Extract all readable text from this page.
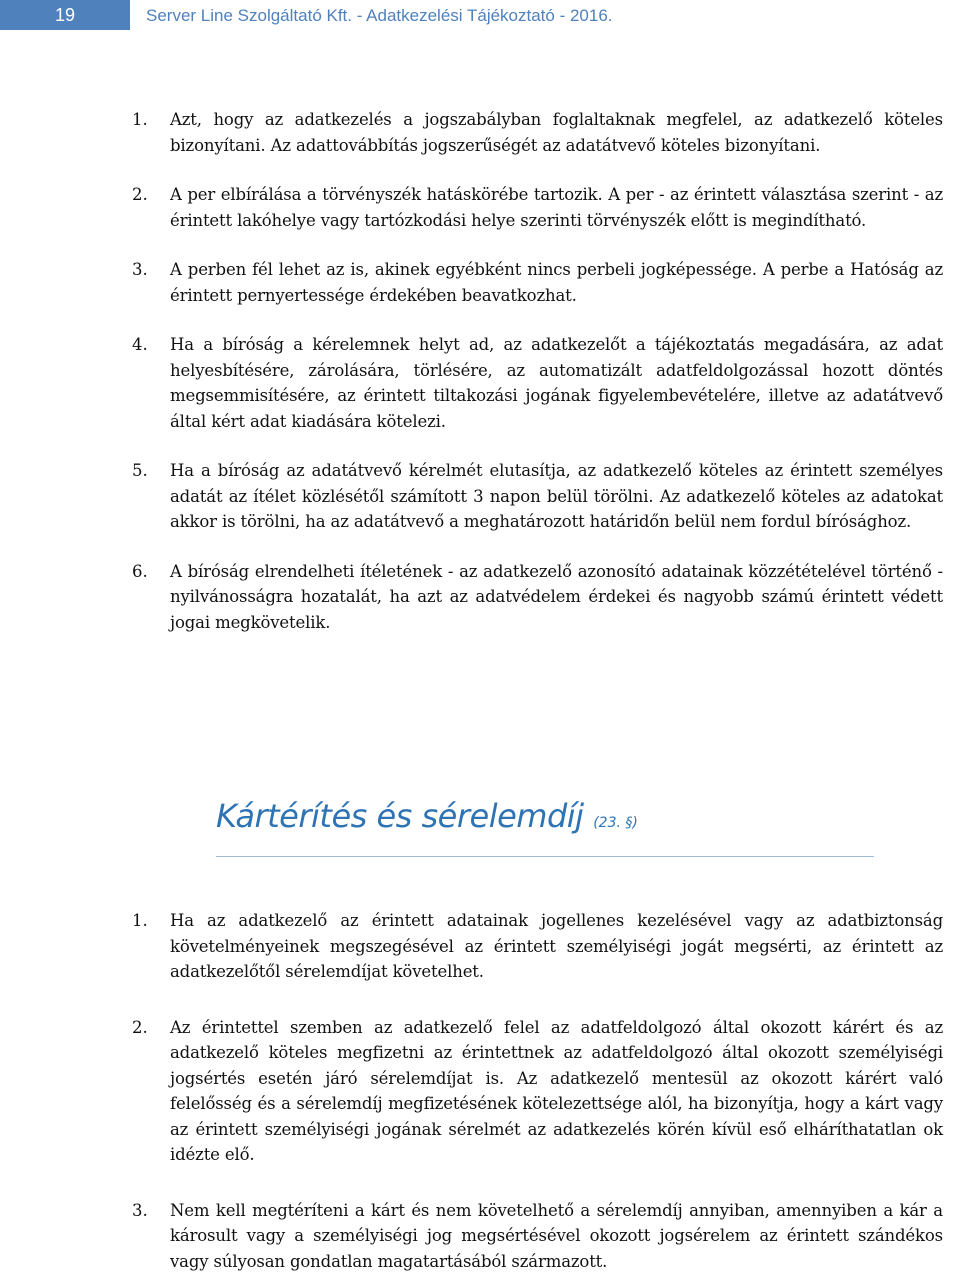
19	Server Line Szolgáltató Kft. - Adatkezelési Tájékoztató - 2016.
1. Azt, hogy az adatkezelés a jogszabályban foglaltaknak megfelel, az adatkezelő köteles bizonyítani. Az adattovábbítás jogszerűségét az adatátvevő köteles bizonyítani.
2. A per elbírálása a törvényszék hatáskörébe tartozik. A per - az érintett választása szerint - az érintett lakóhelye vagy tartózkodási helye szerinti törvényszék előtt is megindítható.
3. A perben fél lehet az is, akinek egyébként nincs perbeli jogképessége. A perbe a Hatóság az érintett pernyertessége érdekében beavatkozhat.
4. Ha a bíróság a kérelemnek helyt ad, az adatkezelőt a tájékoztatás megadására, az adat helyesbítésére, zárolására, törlésére, az automatizált adatfeldolgozással hozott döntés megsemmisítésére, az érintett tiltakozási jogának figyelembevételére, illetve az adatátvevő által kért adat kiadására kötelezi.
5. Ha a bíróság az adatátvevő kérelmét elutasítja, az adatkezelő köteles az érintett személyes adatát az ítélet közlésétől számított 3 napon belül törölni. Az adatkezelő köteles az adatokat akkor is törölni, ha az adatátvevő a meghatározott határidőn belül nem fordul bírósághoz.
6. A bíróság elrendelheti ítéletének - az adatkezelő azonosító adatainak közzétételével történő - nyilvánosságra hozatalát, ha azt az adatvédelem érdekei és nagyobb számú érintett védett jogai megkövetelik.
Kártérítés és sérelemdíj (23. §)
1. Ha az adatkezelő az érintett adatainak jogellenes kezelésével vagy az adatbiztonság követelményeinek megszegésével az érintett személyiségi jogát megsérti, az érintett az adatkezelőtől sérelemdíjat követelhet.
2. Az érintettel szemben az adatkezelő felel az adatfeldolgozó által okozott kárért és az adatkezelő köteles megfizetni az érintettnek az adatfeldolgozó által okozott személyiségi jogsértés esetén járó sérelemdíjat is. Az adatkezelő mentesül az okozott kárért való felelősség és a sérelemdíj megfizetésének kötelezettsége alól, ha bizonyítja, hogy a kárt vagy az érintett személyiségi jogának sérelmét az adatkezelés körén kívül eső elháríthatatlan ok idézte elő.
3. Nem kell megtéríteni a kárt és nem követelhető a sérelemdíj annyiban, amennyiben a kár a károsult vagy a személyiségi jog megsértésével okozott jogsérelem az érintett szándékos vagy súlyosan gondatlan magatartásából származott.
